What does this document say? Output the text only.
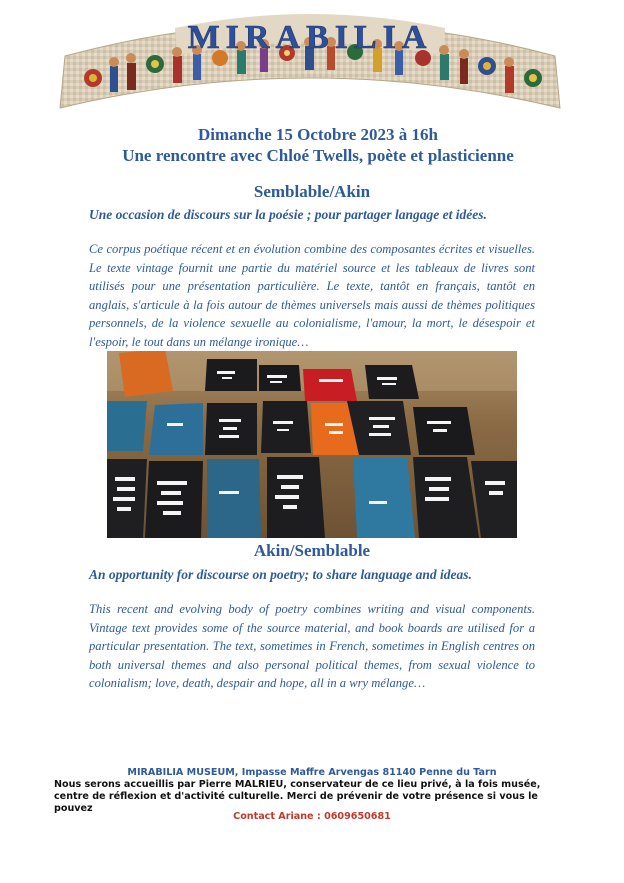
MIRABILIA
Dimanche 15 Octobre 2023 à 16h
Une rencontre avec Chloé Twells, poète et plasticienne
Semblable/Akin
Une occasion de discours sur la poésie ; pour partager langage et idées.

Ce corpus poétique récent et en évolution combine des composantes écrites et visuelles. Le texte vintage fournit une partie du matériel source et les tableaux de livres sont utilisés pour une présentation particulière. Le texte, tantôt en français, tantôt en anglais, s'articule à la fois autour de thèmes universels mais aussi de thèmes politiques personnels, de la violence sexuelle au colonialisme, l'amour, la mort, le désespoir et l'espoir, le tout dans un mélange ironique…

Akin/Semblable
An opportunity for discourse on poetry; to share language and ideas.

This recent and evolving body of poetry combines writing and visual components. Vintage text provides some of the source material, and book boards are utilised for a particular presentation. The text, sometimes in French, sometimes in English centres on both universal themes and also personal political themes, from sexual violence to colonialism; love, death, despair and hope, all in a wry mélange…

MIRABILIA MUSEUM, Impasse Maffre Arvengas 81140 Penne du Tarn
Nous serons accueillis par Pierre MALRIEU, conservateur de ce lieu privé, à la fois musée, centre de réflexion et d'activité culturelle. Merci de prévenir de votre présence si vous le pouvez
Contact Ariane : 0609650681
